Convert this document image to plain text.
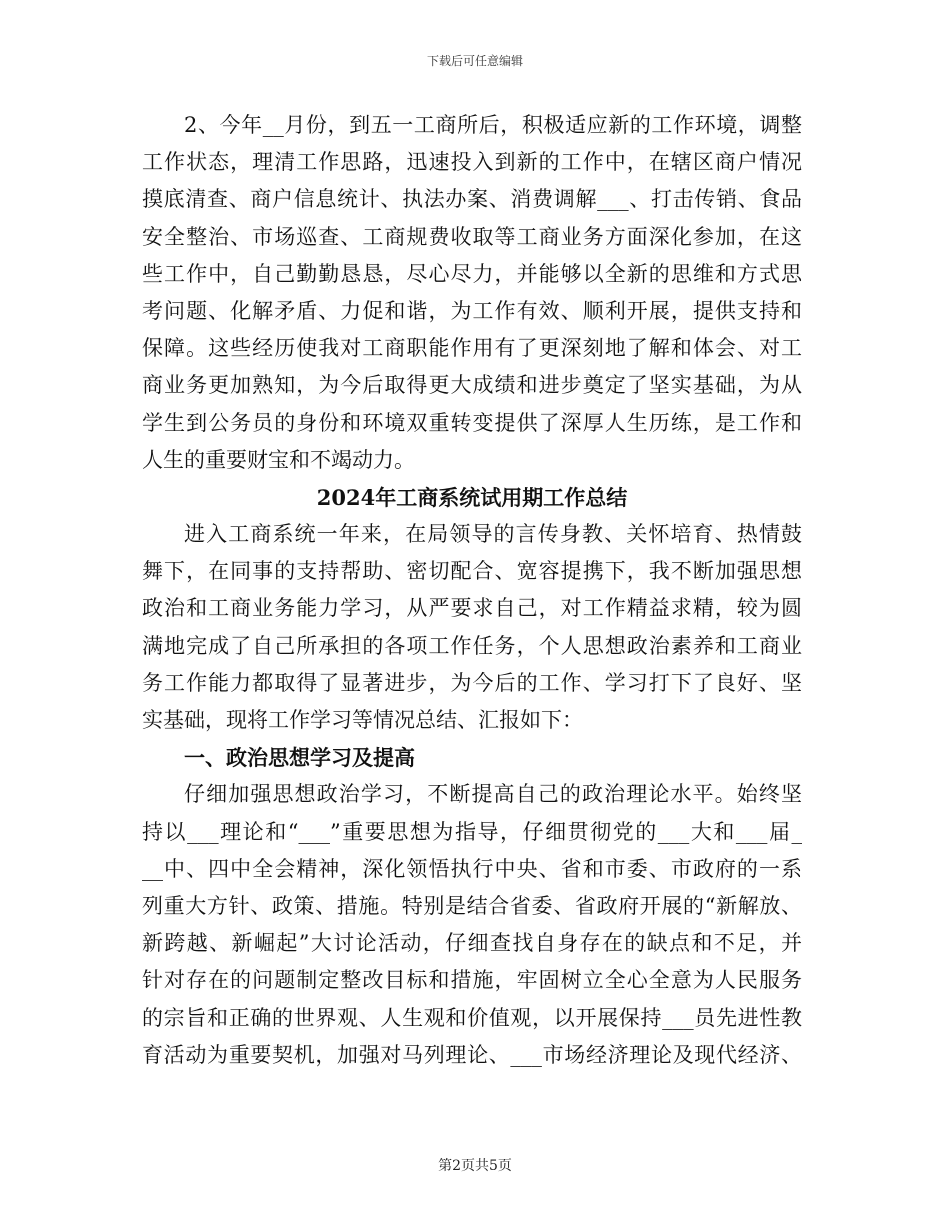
下载后可任意编辑
2、今年__月份，到五一工商所后，积极适应新的工作环境，调整
工作状态，理清工作思路，迅速投入到新的工作中，在辖区商户情况
摸底清查、商户信息统计、执法办案、消费调解___、打击传销、食品
安全整治、市场巡查、工商规费收取等工商业务方面深化参加，在这
些工作中，自己勤勤恳恳，尽心尽力，并能够以全新的思维和方式思
考问题、化解矛盾、力促和谐，为工作有效、顺利开展，提供支持和
保障。这些经历使我对工商职能作用有了更深刻地了解和体会、对工
商业务更加熟知，为今后取得更大成绩和进步奠定了坚实基础，为从
学生到公务员的身份和环境双重转变提供了深厚人生历练，是工作和
人生的重要财宝和不竭动力。
2024年工商系统试用期工作总结
进入工商系统一年来，在局领导的言传身教、关怀培育、热情鼓
舞下，在同事的支持帮助、密切配合、宽容提携下，我不断加强思想
政治和工商业务能力学习，从严要求自己，对工作精益求精，较为圆
满地完成了自己所承担的各项工作任务，个人思想政治素养和工商业
务工作能力都取得了显著进步，为今后的工作、学习打下了良好、坚
实基础，现将工作学习等情况总结、汇报如下：
一、政治思想学习及提高
仔细加强思想政治学习，不断提高自己的政治理论水平。始终坚
持以___理论和“___”重要思想为指导，仔细贯彻党的___大和___届_
__中、四中全会精神，深化领悟执行中央、省和市委、市政府的一系
列重大方针、政策、措施。特别是结合省委、省政府开展的“新解放、
新跨越、新崛起”大讨论活动，仔细查找自身存在的缺点和不足，并
针对存在的问题制定整改目标和措施，牢固树立全心全意为人民服务
的宗旨和正确的世界观、人生观和价值观，以开展保持___员先进性教
育活动为重要契机，加强对马列理论、___市场经济理论及现代经济、
第2页共5页
